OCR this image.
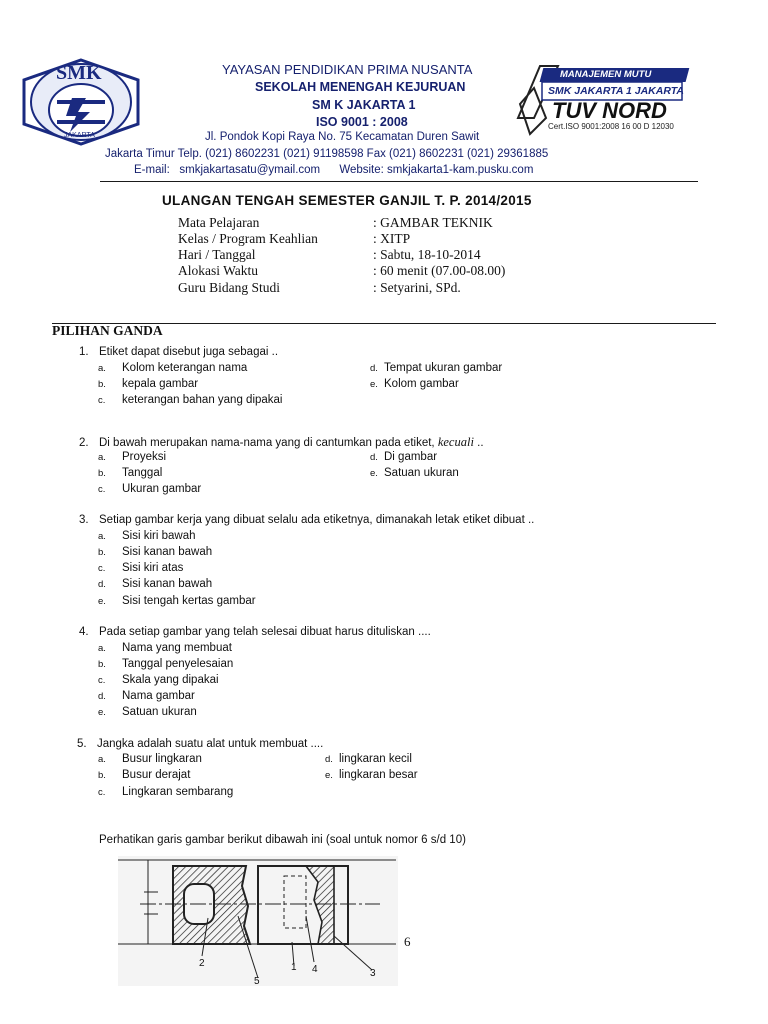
SMK
JAKARTA
YAYASAN PENDIDIKAN PRIMA NUSANTA
SEKOLAH MENENGAH KEJURUAN
SM K JAKARTA 1
ISO 9001 : 2008
Jl. Pondok Kopi Raya No. 75 Kecamatan Duren Sawit
Jakarta Timur Telp. (021) 8602231 (021) 91198598 Fax (021) 8602231 (021) 29361885
E-mail: smkjakartasatu@ymail.com Website: smkjakarta1-kam.pusku.com
MANAJEMEN MUTU
SMK JAKARTA 1 JAKARTA
TUV NORD
Cert.ISO 9001:2008 16 00 D 12030
ULANGAN TENGAH SEMESTER GANJIL T. P. 2014/2015
Mata Pelajaran	: GAMBAR TEKNIK
Kelas / Program Keahlian	: XITP
Hari / Tanggal	: Sabtu, 18-10-2014
Alokasi Waktu	: 60 menit (07.00-08.00)
Guru Bidang Studi	: Setyarini, SPd.
PILIHAN GANDA
1. Etiket dapat disebut juga sebagai ..
a. Kolom keterangan nama
b. kepala gambar
c. keterangan bahan yang dipakai
d. Tempat ukuran gambar
e. Kolom gambar
2. Di bawah merupakan nama-nama yang di cantumkan pada etiket, kecuali ..
a. Proyeksi
b. Tanggal
c. Ukuran gambar
d. Di gambar
e. Satuan ukuran
3. Setiap gambar kerja yang dibuat selalu ada etiketnya, dimanakah letak etiket dibuat ..
a. Sisi kiri bawah
b. Sisi kanan bawah
c. Sisi kiri atas
d. Sisi kanan bawah
e. Sisi tengah kertas gambar
4. Pada setiap gambar yang telah selesai dibuat harus dituliskan ....
a. Nama yang membuat
b. Tanggal penyelesaian
c. Skala yang dipakai
d. Nama gambar
e. Satuan ukuran
5. Jangka adalah suatu alat untuk membuat ....
a. Busur lingkaran
b. Busur derajat
c. Lingkaran sembarang
d. lingkaran kecil
e. lingkaran besar
Perhatikan garis gambar berikut dibawah ini (soal untuk nomor 6 s/d 10)
2
5
1 4	3
6
